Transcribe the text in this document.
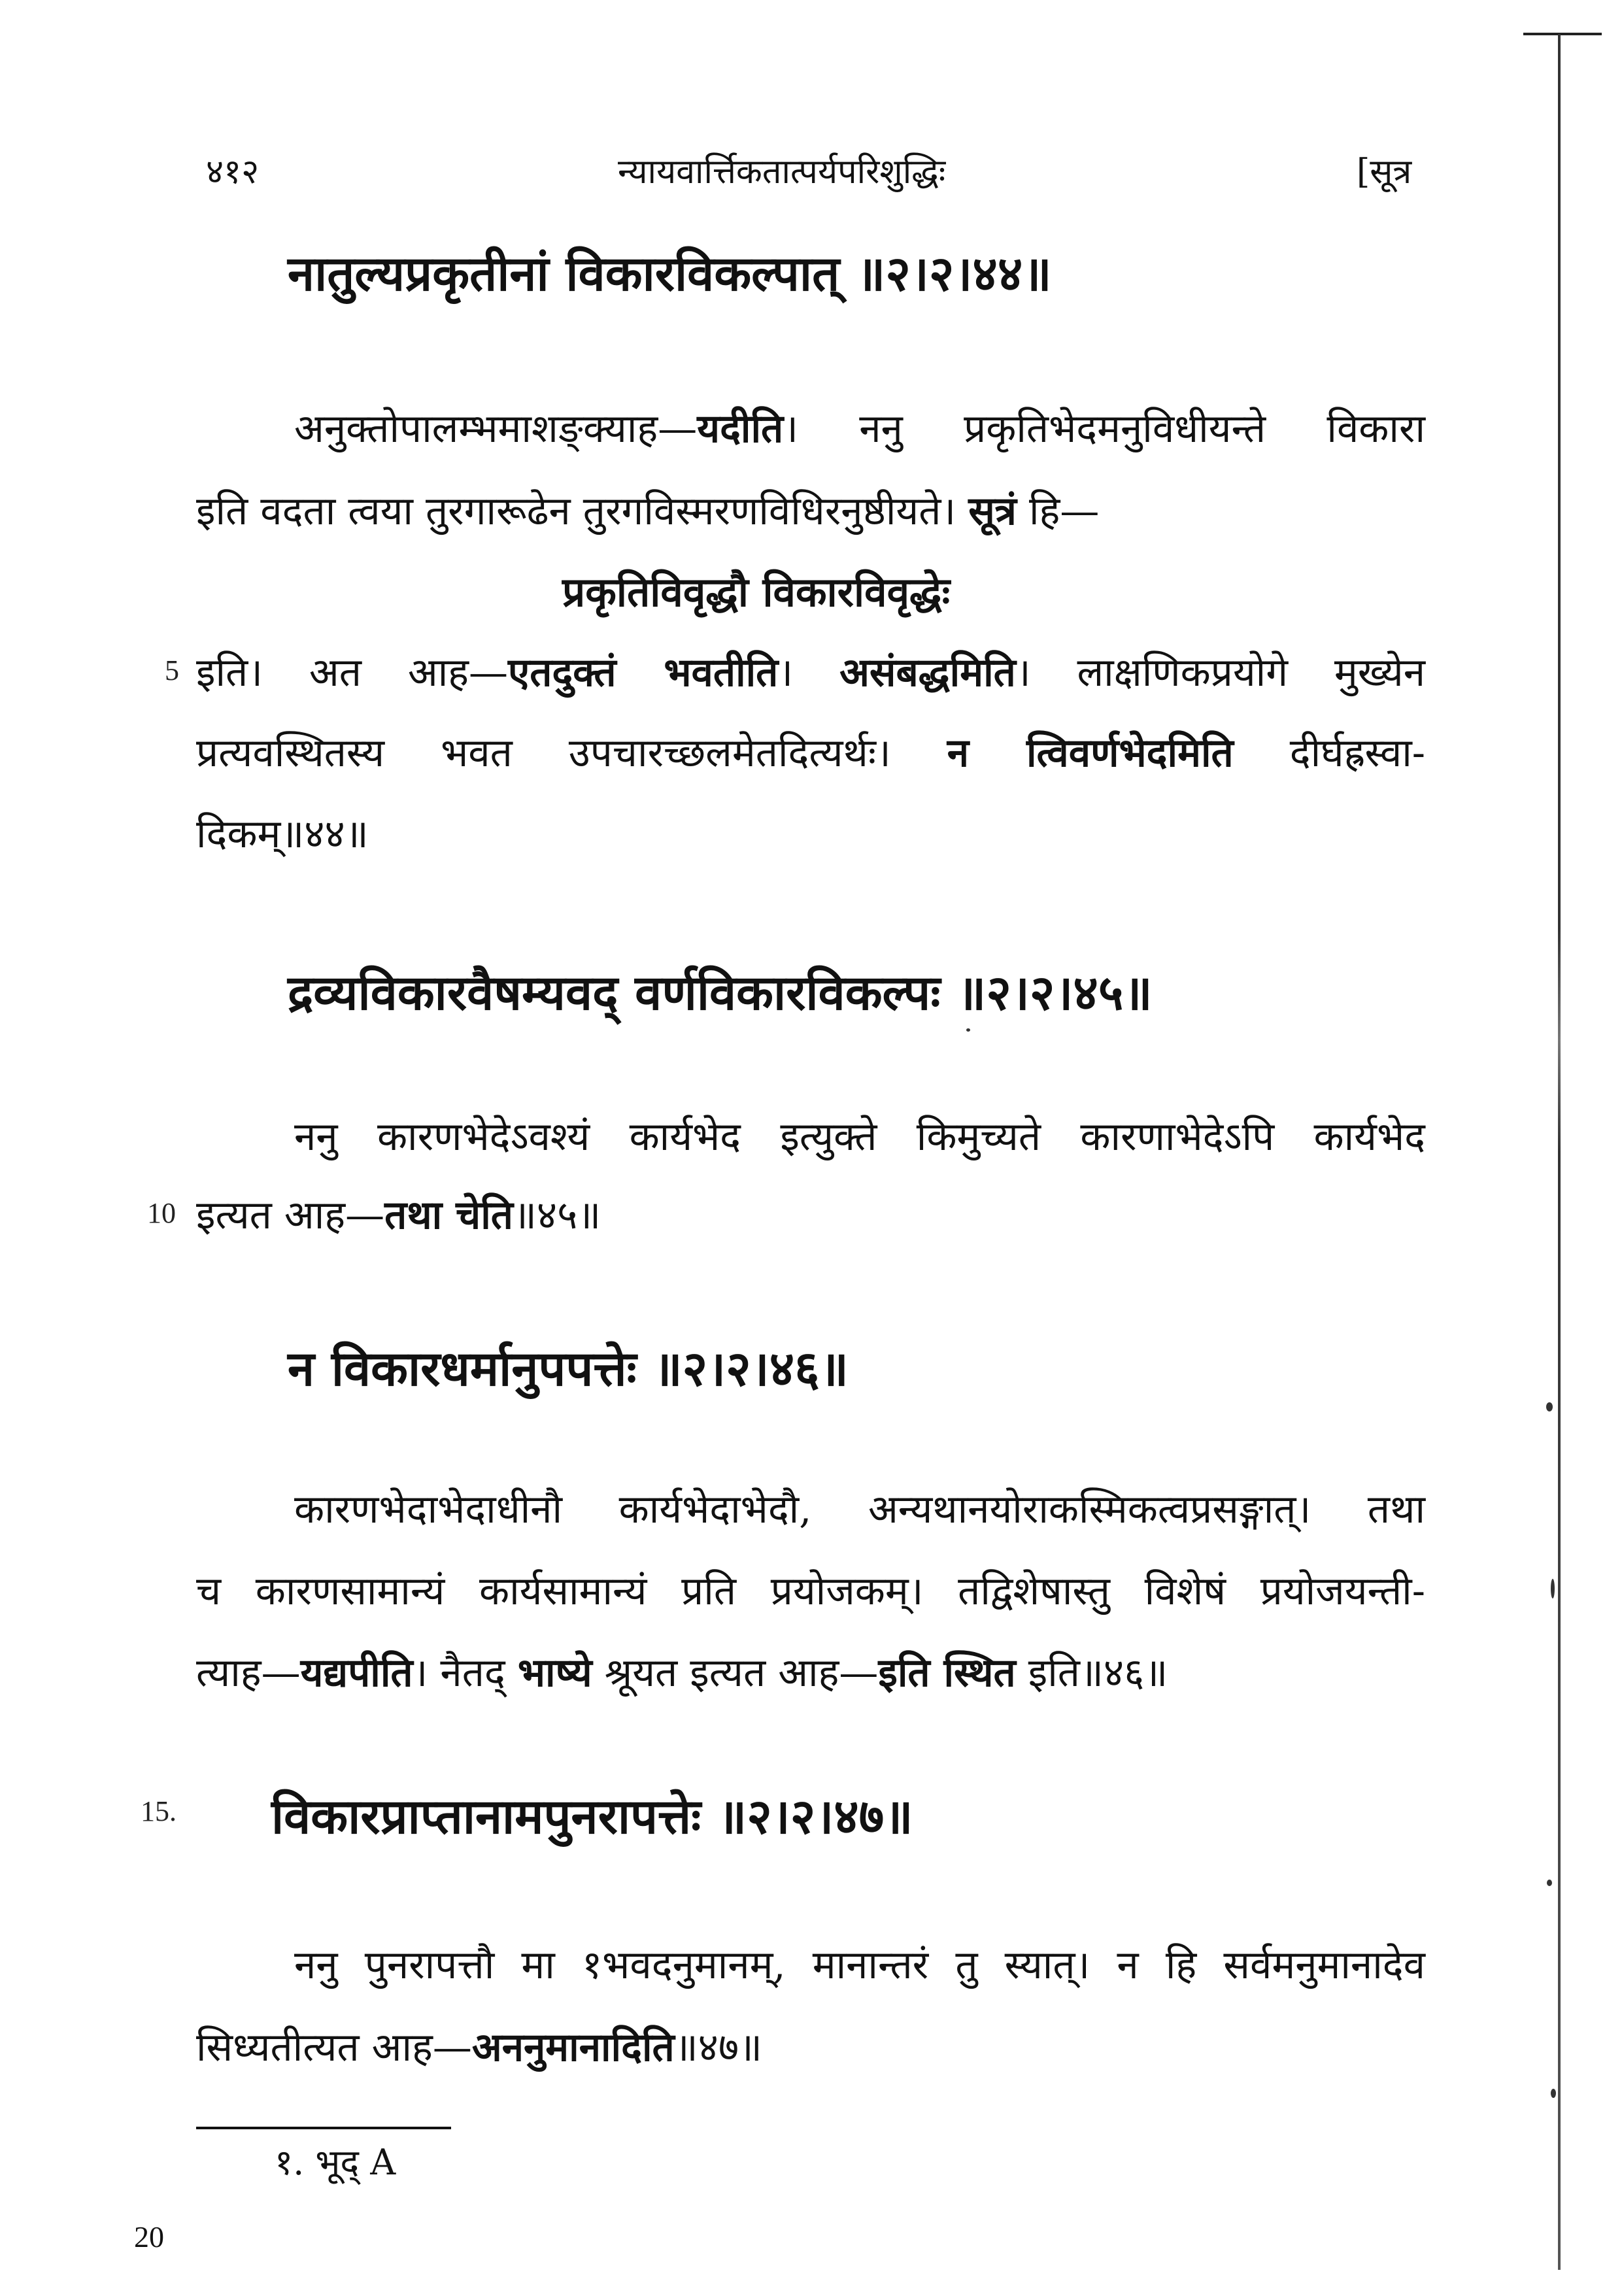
४१२	न्यायवार्त्तिकतात्पर्यपरिशुद्धिः	[सूत्र
नातुल्यप्रकृतीनां विकारविकल्पात् ॥२।२।४४॥
अनुक्तोपालम्भमाशङ्क्याह—यदीति। ननु प्रकृतिभेदमनुविधीयन्ते विकारा
इति वदता त्वया तुरगारूढेन तुरगविस्मरणविधिरनुष्ठीयते। सूत्रं हि—
प्रकृतिविवृद्धौ विकारविवृद्धेः
5 इति। अत आह—एतदुक्तं भवतीति। असंबद्धमिति। लाक्षणिकप्रयोगे मुख्येन
प्रत्यवस्थितस्य भवत उपचारच्छलमेतदित्यर्थः। न त्विवर्णभेदमिति दीर्घह्रस्वा-
दिकम्॥४४॥
द्रव्यविकारवैषम्यवद् वर्णविकारविकल्पः ॥२।२।४५॥
ननु कारणभेदेऽवश्यं कार्यभेद इत्युक्ते किमुच्यते कारणाभेदेऽपि कार्यभेद
10 इत्यत आह—तथा चेति॥४५॥
न विकारधर्मानुपपत्तेः ॥२।२।४६॥
कारणभेदाभेदाधीनौ कार्यभेदाभेदौ, अन्यथानयोराकस्मिकत्वप्रसङ्गात्। तथा
च कारणसामान्यं कार्यसामान्यं प्रति प्रयोजकम्। तद्विशेषास्तु विशेषं प्रयोजयन्ती-
त्याह—यद्यपीति। नैतद् भाष्ये श्रूयत इत्यत आह—इति स्थित इति॥४६॥
15. विकारप्राप्तानामपुनरापत्तेः ॥२।२।४७॥
ननु पुनरापत्तौ मा १भवदनुमानम्, मानान्तरं तु स्यात्। न हि सर्वमनुमानादेव
सिध्यतीत्यत आह—अननुमानादिति॥४७॥
१. भूद् A
20
